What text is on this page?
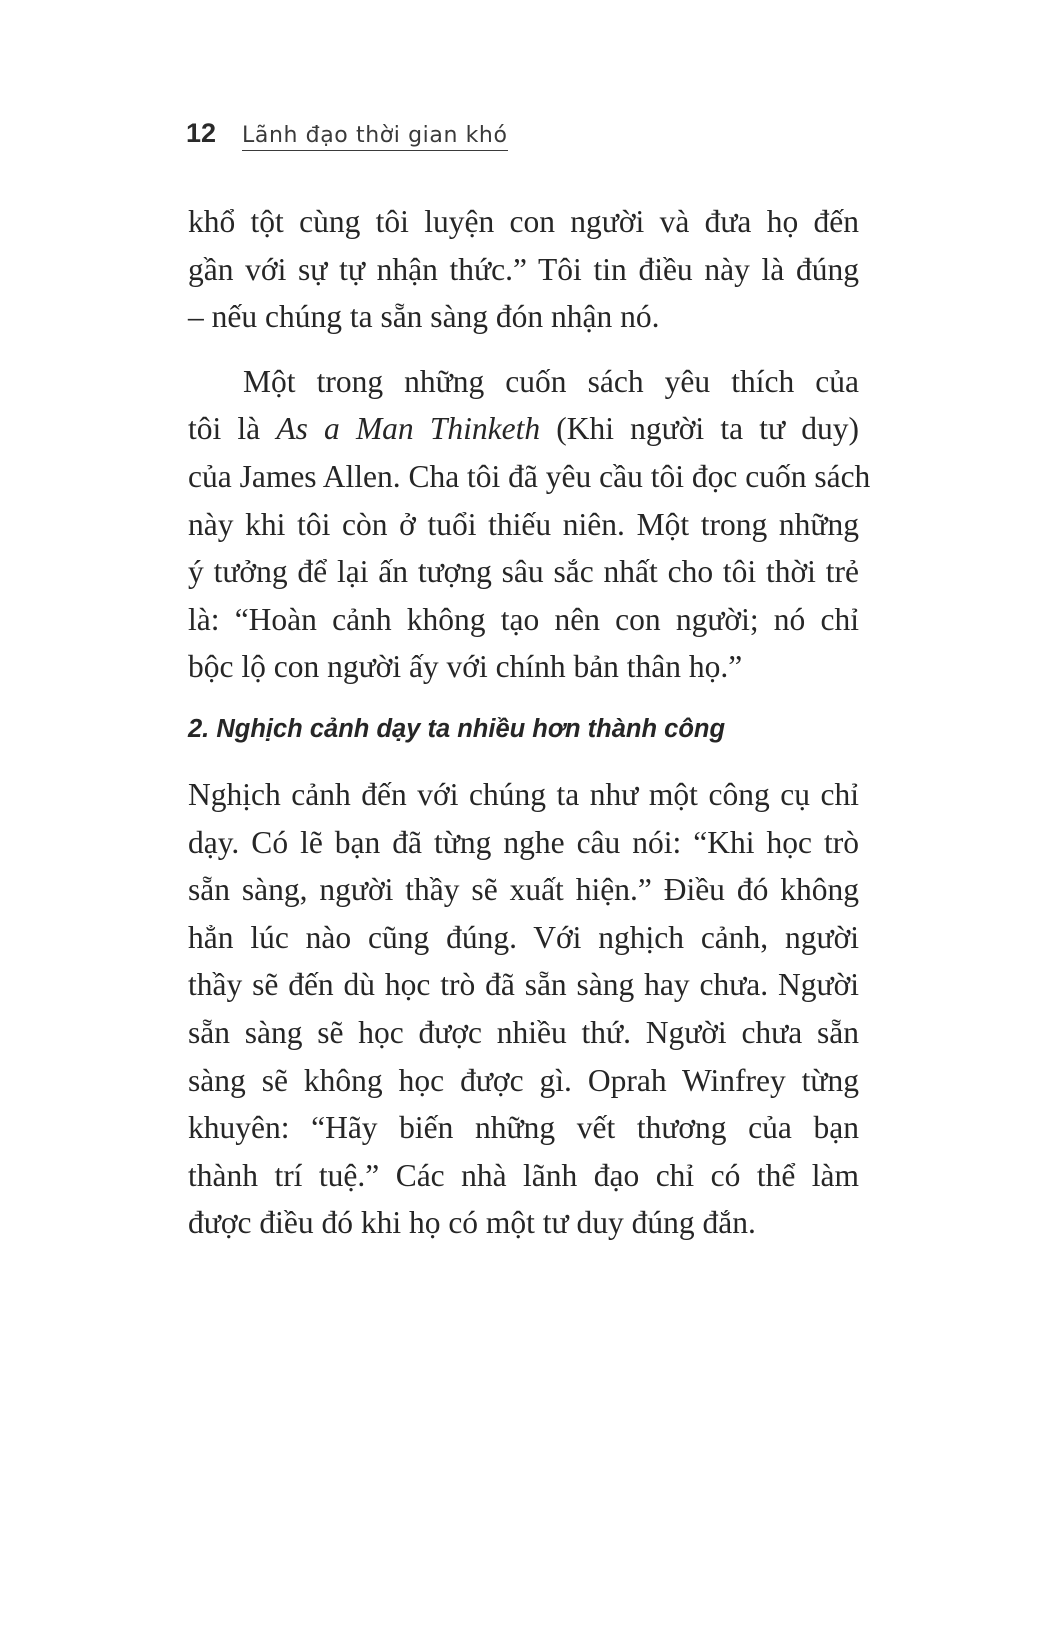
12 Lãnh đạo thời gian khó
khổ tột cùng tôi luyện con người và đưa họ đến
gần với sự tự nhận thức.” Tôi tin điều này là đúng
– nếu chúng ta sẵn sàng đón nhận nó.
Một trong những cuốn sách yêu thích của
tôi là As a Man Thinketh (Khi người ta tư duy)
của James Allen. Cha tôi đã yêu cầu tôi đọc cuốn sách
này khi tôi còn ở tuổi thiếu niên. Một trong những
ý tưởng để lại ấn tượng sâu sắc nhất cho tôi thời trẻ
là: “Hoàn cảnh không tạo nên con người; nó chỉ
bộc lộ con người ấy với chính bản thân họ.”
2. Nghịch cảnh dạy ta nhiều hơn thành công
Nghịch cảnh đến với chúng ta như một công cụ chỉ
dạy. Có lẽ bạn đã từng nghe câu nói: “Khi học trò
sẵn sàng, người thầy sẽ xuất hiện.” Điều đó không
hẳn lúc nào cũng đúng. Với nghịch cảnh, người
thầy sẽ đến dù học trò đã sẵn sàng hay chưa. Người
sẵn sàng sẽ học được nhiều thứ. Người chưa sẵn
sàng sẽ không học được gì. Oprah Winfrey từng
khuyên: “Hãy biến những vết thương của bạn
thành trí tuệ.” Các nhà lãnh đạo chỉ có thể làm
được điều đó khi họ có một tư duy đúng đắn.
